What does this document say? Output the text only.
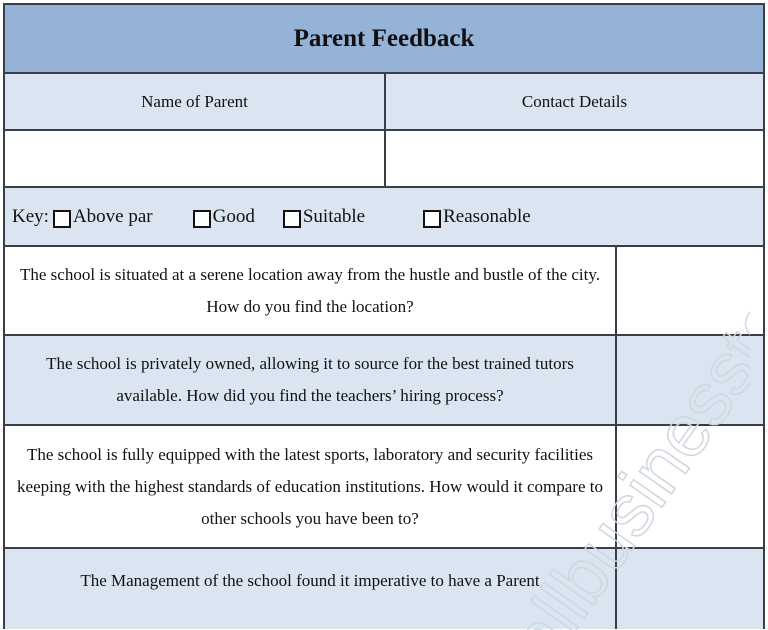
Parent Feedback
Name of Parent	Contact Details
Key: Above par	Good	Suitable	Reasonable
The school is situated at a serene location away from the hustle and bustle of the city. How do you find the location?
The school is privately owned, allowing it to source for the best trained tutors available. How did you find the teachers’ hiring process?
The school is fully equipped with the latest sports, laboratory and security facilities keeping with the highest standards of education institutions. How would it compare to other schools you have been to?
The Management of the school found it imperative to have a Parent
